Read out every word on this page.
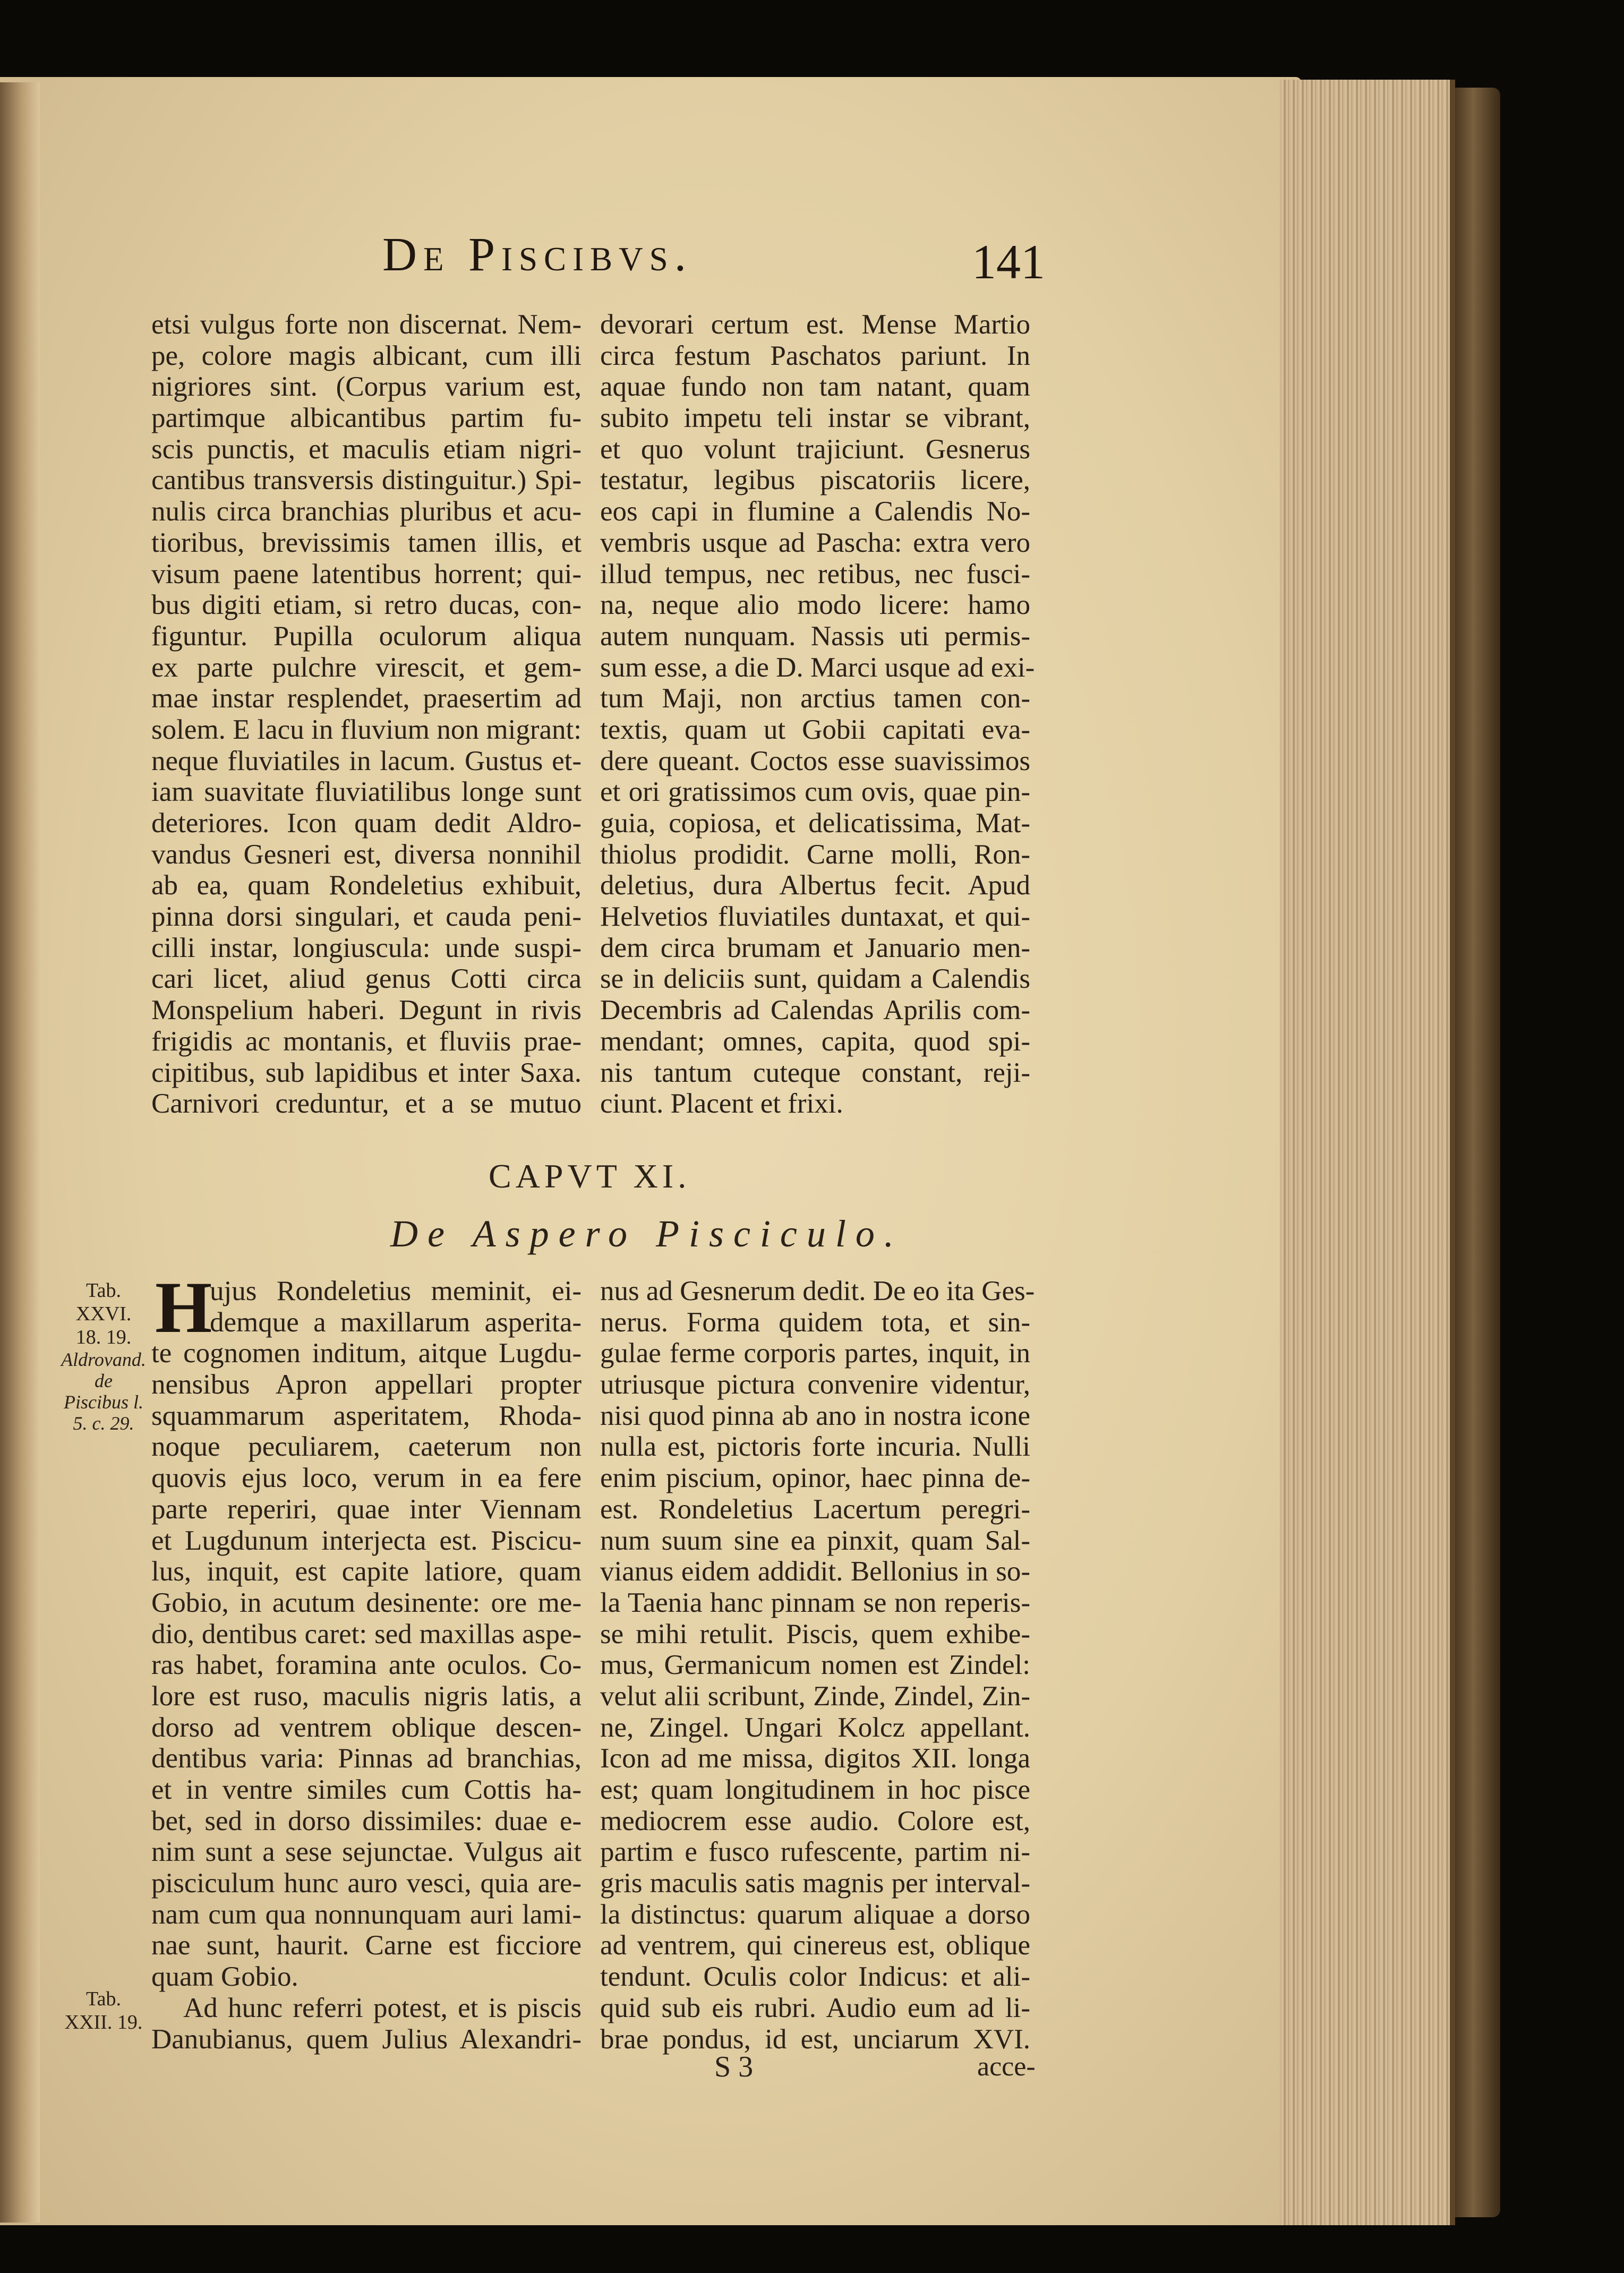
De Piscibvs.	141
etsi vulgus forte non discernat. Nem-
pe, colore magis albicant, cum illi
nigriores sint. (Corpus varium est,
partimque albicantibus partim fu-
scis punctis, et maculis etiam nigri-
cantibus transversis distinguitur.) Spi-
nulis circa branchias pluribus et acu-
tioribus, brevissimis tamen illis, et
visum paene latentibus horrent; qui-
bus digiti etiam, si retro ducas, con-
figuntur. Pupilla oculorum aliqua
ex parte pulchre virescit, et gem-
mae instar resplendet, praesertim ad
solem. E lacu in fluvium non migrant:
neque fluviatiles in lacum. Gustus et-
iam suavitate fluviatilibus longe sunt
deteriores. Icon quam dedit Aldro-
vandus Gesneri est, diversa nonnihil
ab ea, quam Rondeletius exhibuit,
pinna dorsi singulari, et cauda peni-
cilli instar, longiuscula: unde suspi-
cari licet, aliud genus Cotti circa
Monspelium haberi. Degunt in rivis
frigidis ac montanis, et fluviis prae-
cipitibus, sub lapidibus et inter Saxa.
Carnivori creduntur, et a se mutuo
devorari certum est. Mense Martio
circa festum Paschatos pariunt. In
aquae fundo non tam natant, quam
subito impetu teli instar se vibrant,
et quo volunt trajiciunt. Gesnerus
testatur, legibus piscatoriis licere,
eos capi in flumine a Calendis No-
vembris usque ad Pascha: extra vero
illud tempus, nec retibus, nec fusci-
na, neque alio modo licere: hamo
autem nunquam. Nassis uti permis-
sum esse, a die D. Marci usque ad exi-
tum Maji, non arctius tamen con-
textis, quam ut Gobii capitati eva-
dere queant. Coctos esse suavissimos
et ori gratissimos cum ovis, quae pin-
guia, copiosa, et delicatissima, Mat-
thiolus prodidit. Carne molli, Ron-
deletius, dura Albertus fecit. Apud
Helvetios fluviatiles duntaxat, et qui-
dem circa brumam et Januario men-
se in deliciis sunt, quidam a Calendis
Decembris ad Calendas Aprilis com-
mendant; omnes, capita, quod spi-
nis tantum cuteque constant, reji-
ciunt. Placent et frixi.
CAPVT XI.
De Aspero Pisciculo.
Tab. XXVI. 18. 19.
Aldrovand. de Piscibus l. 5. c. 29.
Tab. XXII. 19.
H
ujus Rondeletius meminit, ei-
demque a maxillarum asperita-
te cognomen inditum, aitque Lugdu-
nensibus Apron appellari propter
squammarum asperitatem, Rhoda-
noque peculiarem, caeterum non
quovis ejus loco, verum in ea fere
parte reperiri, quae inter Viennam
et Lugdunum interjecta est. Piscicu-
lus, inquit, est capite latiore, quam
Gobio, in acutum desinente: ore me-
dio, dentibus caret: sed maxillas aspe-
ras habet, foramina ante oculos. Co-
lore est ruso, maculis nigris latis, a
dorso ad ventrem oblique descen-
dentibus varia: Pinnas ad branchias,
et in ventre similes cum Cottis ha-
bet, sed in dorso dissimiles: duae e-
nim sunt a sese sejunctae. Vulgus ait
pisciculum hunc auro vesci, quia are-
nam cum qua nonnunquam auri lami-
nae sunt, haurit. Carne est ficciore
quam Gobio.
Ad hunc referri potest, et is piscis
Danubianus, quem Julius Alexandri-
nus ad Gesnerum dedit. De eo ita Ges-
nerus. Forma quidem tota, et sin-
gulae ferme corporis partes, inquit, in
utriusque pictura convenire videntur,
nisi quod pinna ab ano in nostra icone
nulla est, pictoris forte incuria. Nulli
enim piscium, opinor, haec pinna de-
est. Rondeletius Lacertum peregri-
num suum sine ea pinxit, quam Sal-
vianus eidem addidit. Bellonius in so-
la Taenia hanc pinnam se non reperis-
se mihi retulit. Piscis, quem exhibe-
mus, Germanicum nomen est Zindel:
velut alii scribunt, Zinde, Zindel, Zin-
ne, Zingel. Ungari Kolcz appellant.
Icon ad me missa, digitos XII. longa
est; quam longitudinem in hoc pisce
mediocrem esse audio. Colore est,
partim e fusco rufescente, partim ni-
gris maculis satis magnis per interval-
la distinctus: quarum aliquae a dorso
ad ventrem, qui cinereus est, oblique
tendunt. Oculis color Indicus: et ali-
quid sub eis rubri. Audio eum ad li-
brae pondus, id est, unciarum XVI.
S 3	acce-
